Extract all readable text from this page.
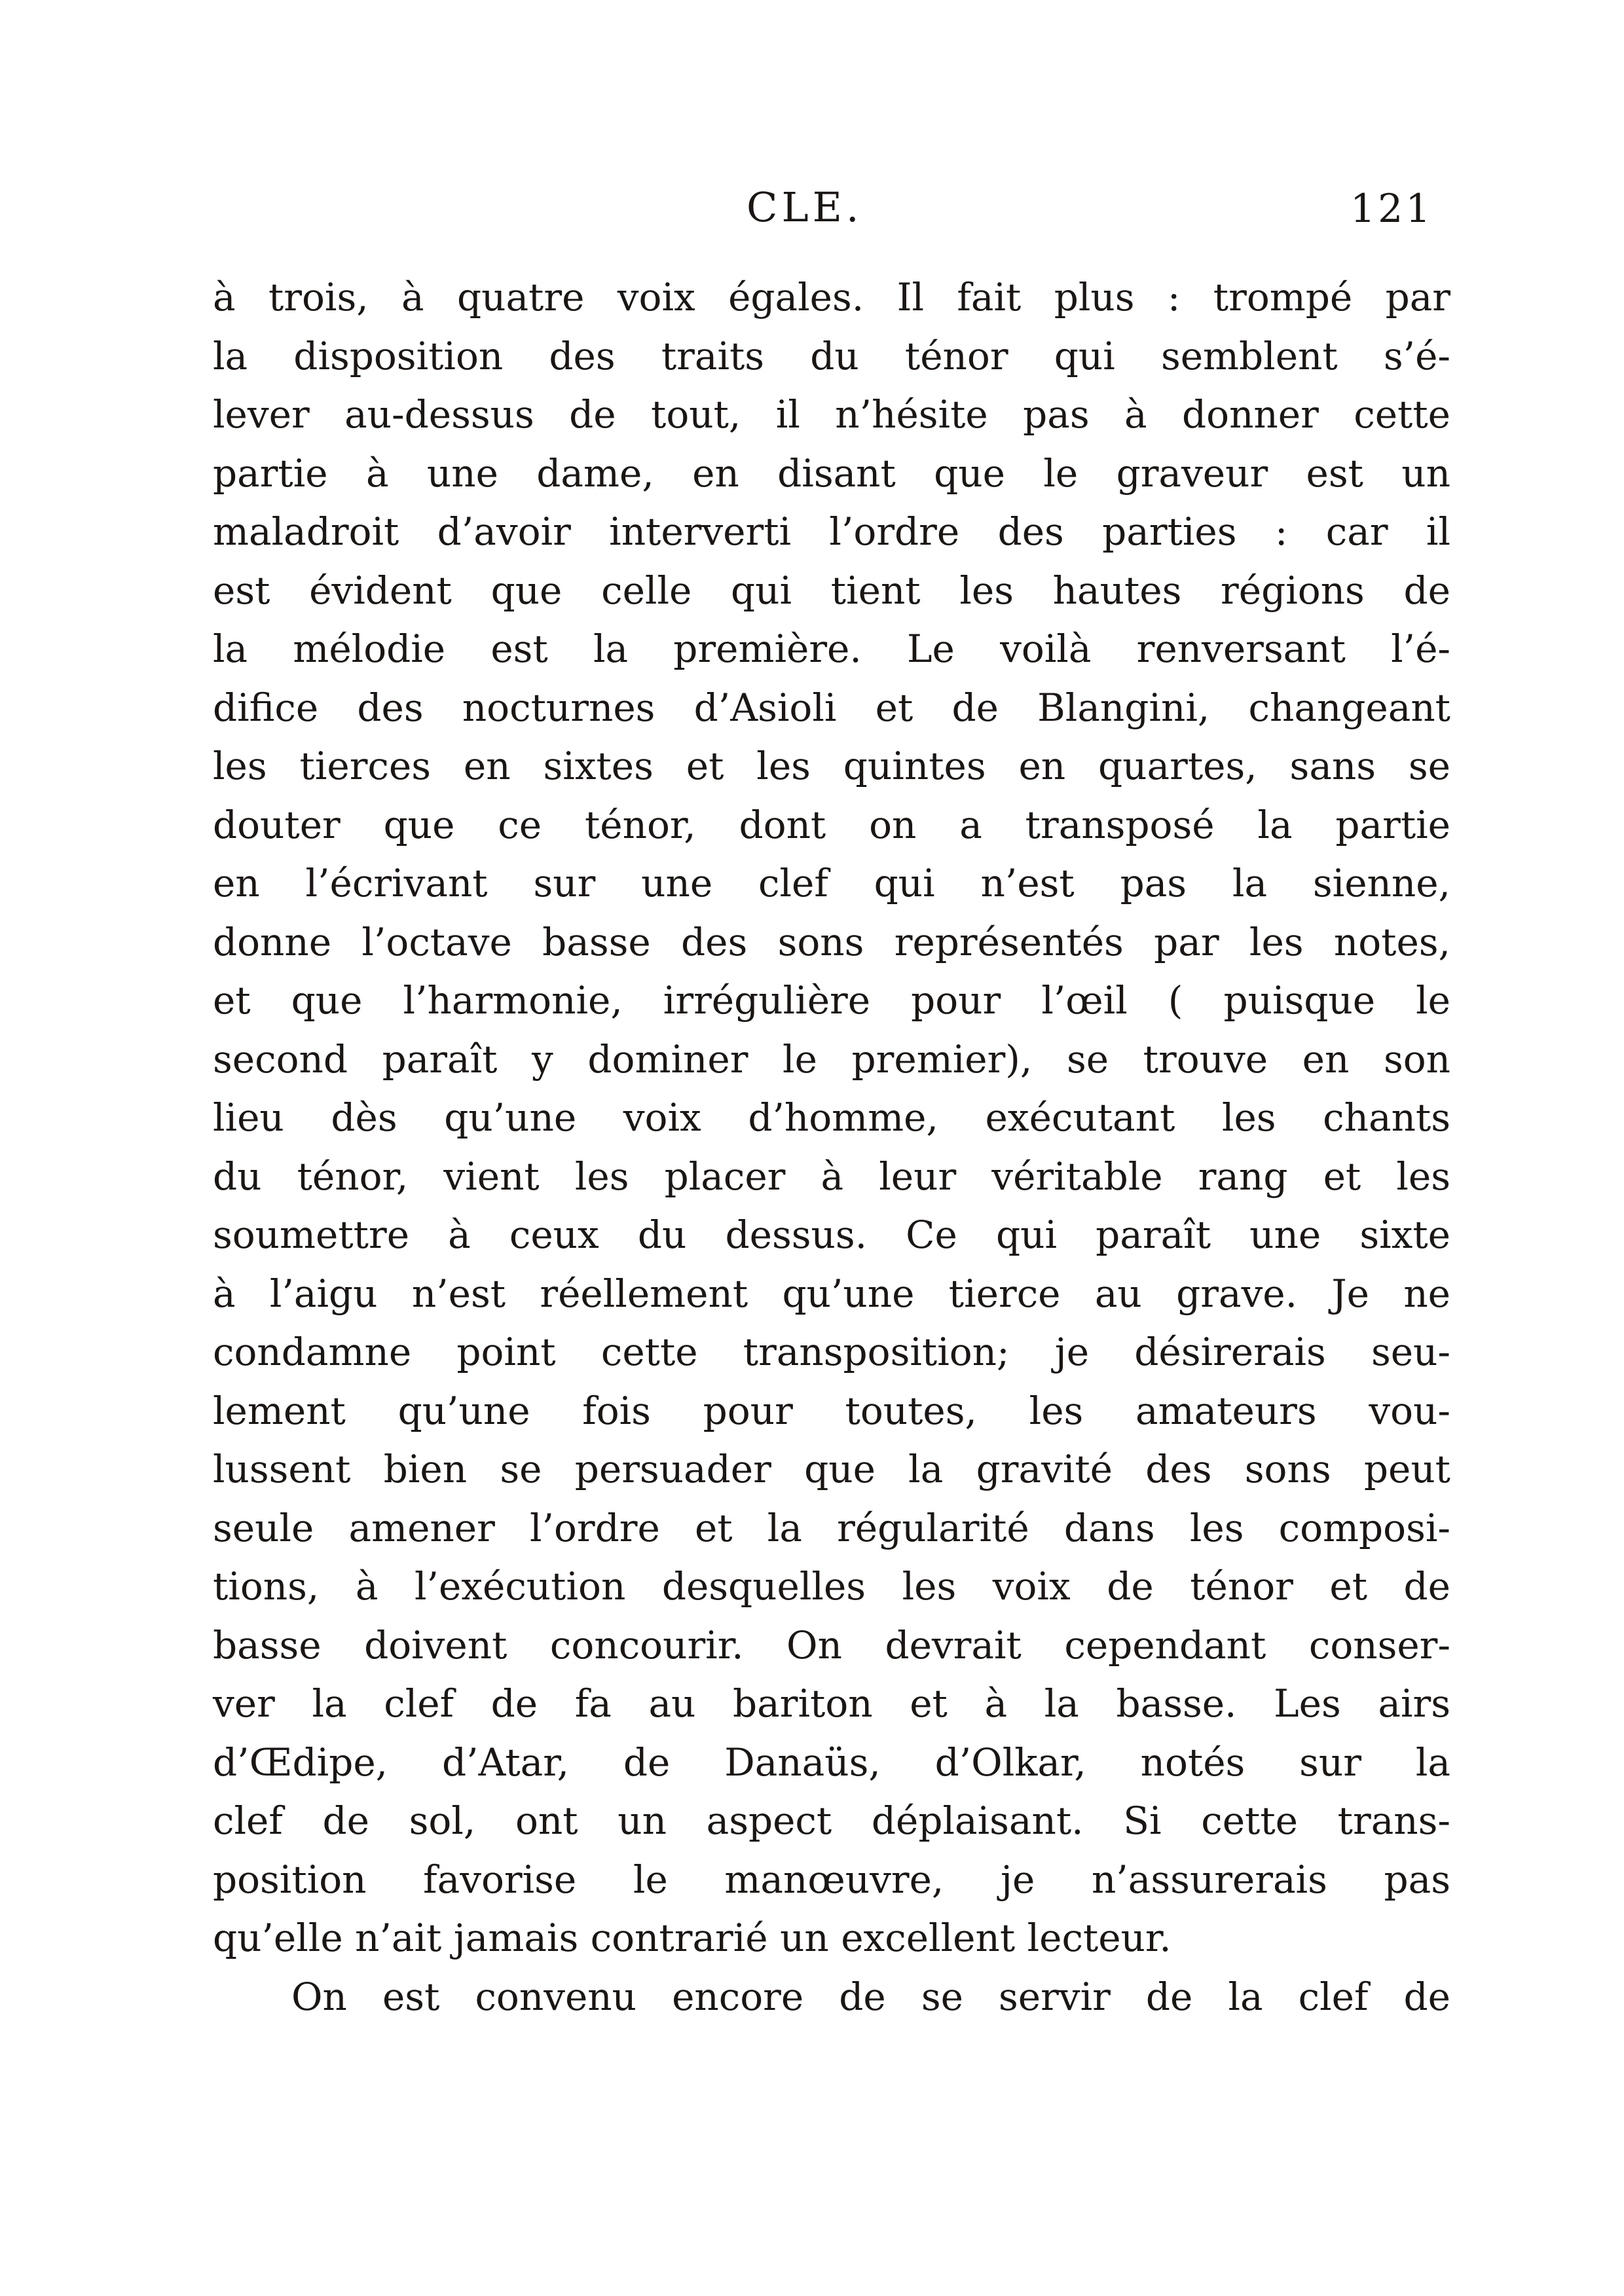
CLE.	121
à trois, à quatre voix égales. Il fait plus : trompé par
la disposition des traits du ténor qui semblent s’é-
lever au-dessus de tout, il n’hésite pas à donner cette
partie à une dame, en disant que le graveur est un
maladroit d’avoir interverti l’ordre des parties : car il
est évident que celle qui tient les hautes régions de
la mélodie est la première. Le voilà renversant l’é-
difice des nocturnes d’Asioli et de Blangini, changeant
les tierces en sixtes et les quintes en quartes, sans se
douter que ce ténor, dont on a transposé la partie
en l’écrivant sur une clef qui n’est pas la sienne,
donne l’octave basse des sons représentés par les notes,
et que l’harmonie, irrégulière pour l’œil ( puisque le
second paraît y dominer le premier), se trouve en son
lieu dès qu’une voix d’homme, exécutant les chants
du ténor, vient les placer à leur véritable rang et les
soumettre à ceux du dessus. Ce qui paraît une sixte
à l’aigu n’est réellement qu’une tierce au grave. Je ne
condamne point cette transposition; je désirerais seu-
lement qu’une fois pour toutes, les amateurs vou-
lussent bien se persuader que la gravité des sons peut
seule amener l’ordre et la régularité dans les composi-
tions, à l’exécution desquelles les voix de ténor et de
basse doivent concourir. On devrait cependant conser-
ver la clef de fa au bariton et à la basse. Les airs
d’Œdipe, d’Atar, de Danaüs, d’Olkar, notés sur la
clef de sol, ont un aspect déplaisant. Si cette trans-
position favorise le manœuvre, je n’assurerais pas
qu’elle n’ait jamais contrarié un excellent lecteur.
On est convenu encore de se servir de la clef de
